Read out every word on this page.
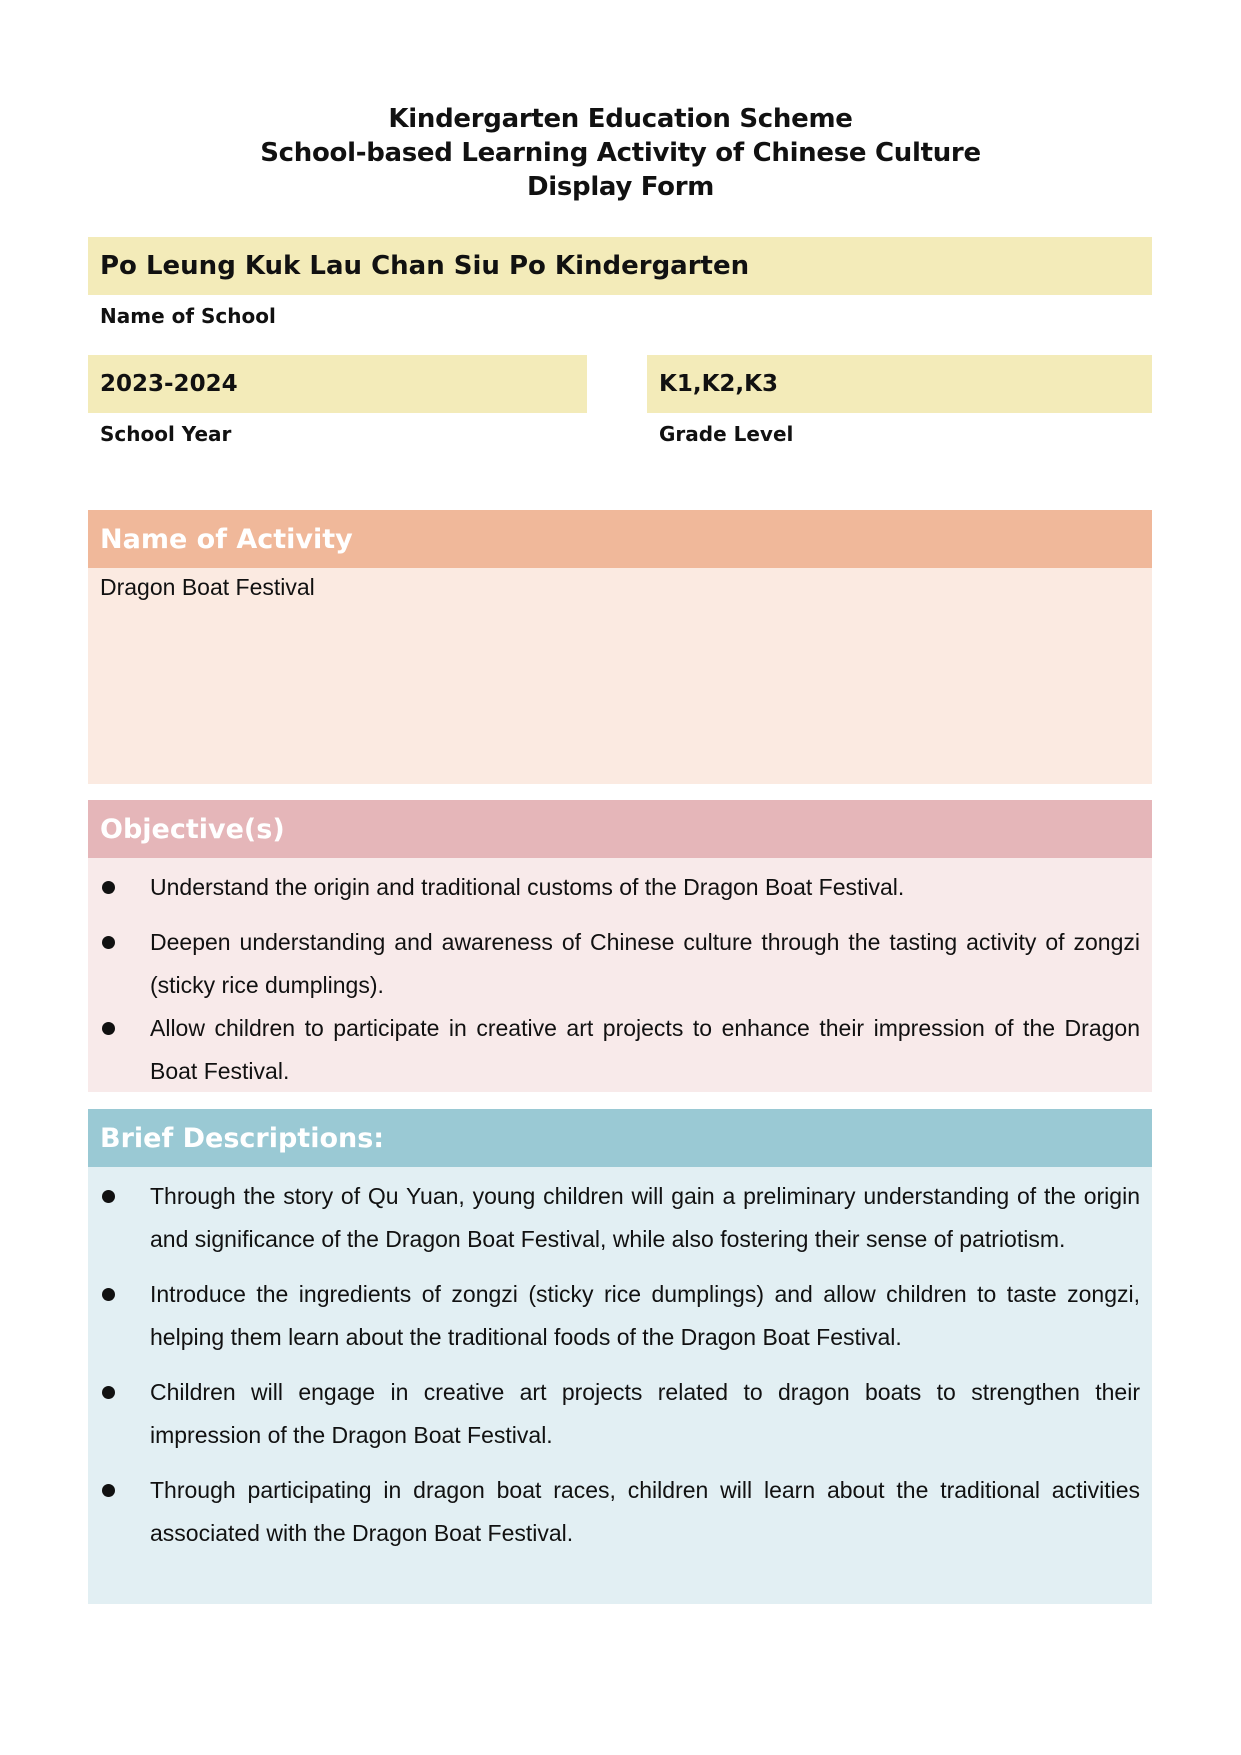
Kindergarten Education Scheme
School-based Learning Activity of Chinese Culture
Display Form
Po Leung Kuk Lau Chan Siu Po Kindergarten
Name of School
2023-2024
School Year
K1,K2,K3
Grade Level
Name of Activity
Dragon Boat Festival
Objective(s)
Understand the origin and traditional customs of the Dragon Boat Festival.
Deepen understanding and awareness of Chinese culture through the tasting activity of zongzi (sticky rice dumplings).
Allow children to participate in creative art projects to enhance their impression of the Dragon Boat Festival.
Brief Descriptions:
Through the story of Qu Yuan, young children will gain a preliminary understanding of the origin and significance of the Dragon Boat Festival, while also fostering their sense of patriotism.
Introduce the ingredients of zongzi (sticky rice dumplings) and allow children to taste zongzi, helping them learn about the traditional foods of the Dragon Boat Festival.
Children will engage in creative art projects related to dragon boats to strengthen their impression of the Dragon Boat Festival.
Through participating in dragon boat races, children will learn about the traditional activities associated with the Dragon Boat Festival.
